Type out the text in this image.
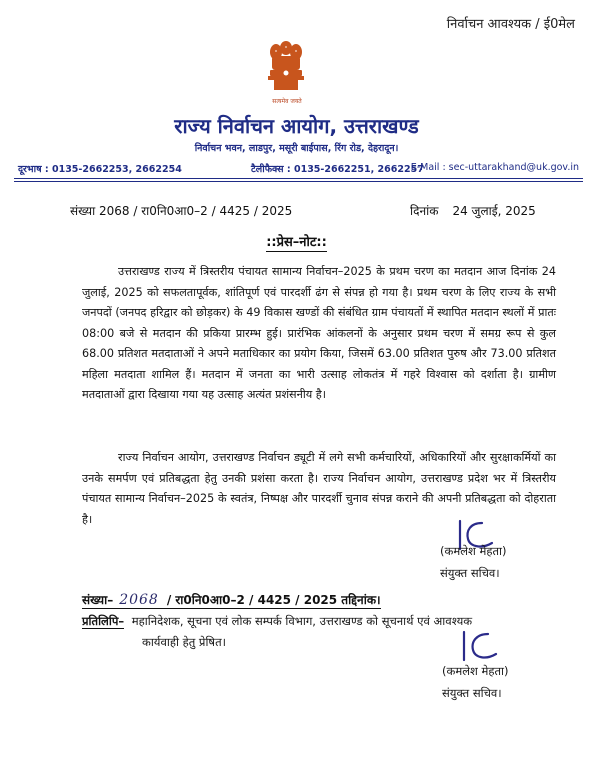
निर्वाचन आवश्यक / ई0मेल
सत्यमेव जयते
राज्य निर्वाचन आयोग, उत्तराखण्ड
निर्वाचन भवन, लाडपुर, मसूरी बाईपास, रिंग रोड, देहरादून।
दूरभाष : 0135-2662253, 2662254	टैलीफैक्स : 0135-2662251, 2662257
E-Mail : sec-uttarakhand@uk.gov.in
संख्या 2068 / रा0नि0आ0–2 / 4425 / 2025	दिनांक 24 जुलाई, 2025
::प्रेस–नोट::

उत्तराखण्ड राज्य में त्रिस्तरीय पंचायत सामान्य निर्वाचन–2025 के प्रथम चरण का मतदान आज दिनांक 24 जुलाई, 2025 को सफलतापूर्वक, शांतिपूर्ण एवं पारदर्शी ढंग से संपन्न हो गया है। प्रथम चरण के लिए राज्य के सभी जनपदों (जनपद हरिद्वार को छोड़कर) के 49 विकास खण्डों की संबंधित ग्राम पंचायतों में स्थापित मतदान स्थलों में प्रातः 08:00 बजे से मतदान की प्रकिया प्रारम्भ हुई। प्रारंभिक आंकलनों के अनुसार प्रथम चरण में समग्र रूप से कुल 68.00 प्रतिशत मतदाताओं ने अपने मताधिकार का प्रयोग किया, जिसमें 63.00 प्रतिशत पुरुष और 73.00 प्रतिशत महिला मतदाता शामिल हैं। मतदान में जनता का भारी उत्साह लोकतंत्र में गहरे विश्वास को दर्शाता है। ग्रामीण मतदाताओं द्वारा दिखाया गया यह उत्साह अत्यंत प्रशंसनीय है।

राज्य निर्वाचन आयोग, उत्तराखण्ड निर्वाचन ड्यूटी में लगे सभी कर्मचारियों, अधिकारियों और सुरक्षाकर्मियों का उनके समर्पण एवं प्रतिबद्धता हेतु उनकी प्रशंसा करता है। राज्य निर्वाचन आयोग, उत्तराखण्ड प्रदेश भर में त्रिस्तरीय पंचायत सामान्य निर्वाचन–2025 के स्वतंत्र, निष्पक्ष और पारदर्शी चुनाव संपन्न कराने की अपनी प्रतिबद्धता को दोहराता है।

(कमलेश मेहता)
संयुक्त सचिव।
संख्या– 2068 / रा0नि0आ0–2 / 4425 / 2025 तद्दिनांक।
प्रतिलिपि– महानिदेशक, सूचना एवं लोक सम्पर्क विभाग, उत्तराखण्ड को सूचनार्थ एवं आवश्यक
कार्यवाही हेतु प्रेषित।
(कमलेश मेहता)
संयुक्त सचिव।
